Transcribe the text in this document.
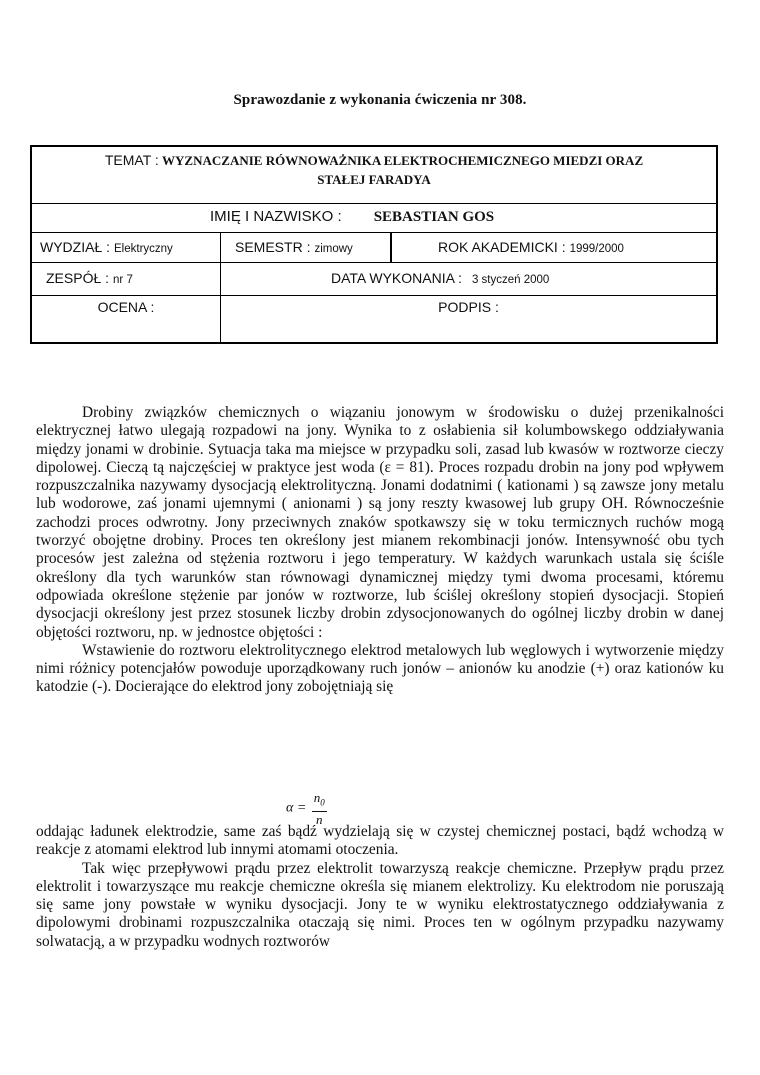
Sprawozdanie z wykonania ćwiczenia nr 308.
TEMAT : WYZNACZANIE RÓWNOWAŻNIKA ELEKTROCHEMICZNEGO MIEDZI ORAZ
STAŁEJ FARADYA
IMIĘ I NAZWISKO : SEBASTIAN GOS
WYDZIAŁ : Elektryczny	SEMESTR : zimowy	ROK AKADEMICKI : 1999/2000
ZESPÓŁ : nr 7	DATA WYKONANIA : 3 styczeń 2000
OCENA :	PODPIS :

Drobiny związków chemicznych o wiązaniu jonowym w środowisku o dużej przenikalności elektrycznej łatwo ulegają rozpadowi na jony. Wynika to z osłabienia sił kolumbowskego oddziaływania między jonami w drobinie. Sytuacja taka ma miejsce w przypadku soli, zasad lub kwasów w roztworze cieczy dipolowej. Cieczą tą najczęściej w praktyce jest woda (ε = 81). Proces rozpadu drobin na jony pod wpływem rozpuszczalnika nazywamy dysocjacją elektrolityczną. Jonami dodatnimi ( kationami ) są zawsze jony metalu lub wodorowe, zaś jonami ujemnymi ( anionami ) są jony reszty kwasowej lub grupy OH. Równocześnie zachodzi proces odwrotny. Jony przeciwnych znaków spotkawszy się w toku termicznych ruchów mogą tworzyć obojętne drobiny. Proces ten określony jest mianem rekombinacji jonów. Intensywność obu tych procesów jest zależna od stężenia roztworu i jego temperatury. W każdych warunkach ustala się ściśle określony dla tych warunków stan równowagi dynamicznej między tymi dwoma procesami, któremu odpowiada określone stężenie par jonów w roztworze, lub ściślej określony stopień dysocjacji. Stopień dysocjacji określony jest przez stosunek liczby drobin zdysocjonowanych do ogólnej liczby drobin w danej objętości roztworu, np. w jednostce objętości :

Wstawienie do roztworu elektrolitycznego elektrod metalowych lub węglowych i wytworzenie między nimi różnicy potencjałów powoduje uporządkowany ruch jonów – anionów ku anodzie (+) oraz kationów ku katodzie (-). Docierające do elektrod jony zobojętniają się

$\alpha = \frac{n_0}{n}$

oddając ładunek elektrodzie, same zaś bądź wydzielają się w czystej chemicznej postaci, bądź wchodzą w reakcje z atomami elektrod lub innymi atomami otoczenia.

Tak więc przepływowi prądu przez elektrolit towarzyszą reakcje chemiczne. Przepływ prądu przez elektrolit i towarzyszące mu reakcje chemiczne określa się mianem elektrolizy. Ku elektrodom nie poruszają się same jony powstałe w wyniku dysocjacji. Jony te w wyniku elektrostatycznego oddziaływania z dipolowymi drobinami rozpuszczalnika otaczają się nimi. Proces ten w ogólnym przypadku nazywamy solwatacją, a w przypadku wodnych roztworów
